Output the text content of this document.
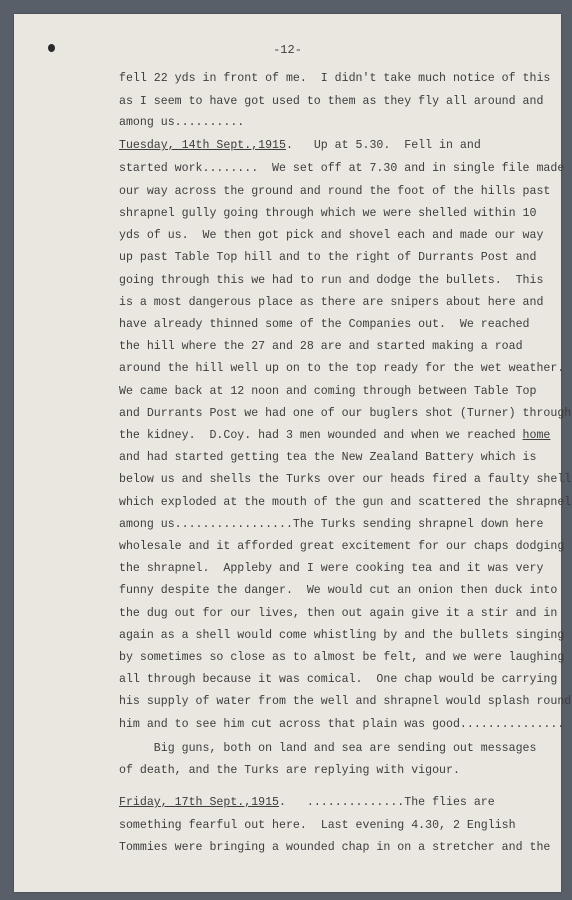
-12-
fell 22 yds in front of me.  I didn't take much notice of this
as I seem to have got used to them as they fly all around and
among us..........
Tuesday, 14th Sept.,1915.   Up at 5.30.  Fell in and
started work........  We set off at 7.30 and in single file made
our way across the ground and round the foot of the hills past
shrapnel gully going through which we were shelled within 10
yds of us.  We then got pick and shovel each and made our way
up past Table Top hill and to the right of Durrants Post and
going through this we had to run and dodge the bullets.  This
is a most dangerous place as there are snipers about here and
have already thinned some of the Companies out.  We reached
the hill where the 27 and 28 are and started making a road
around the hill well up on to the top ready for the wet weather.
We came back at 12 noon and coming through between Table Top
and Durrants Post we had one of our buglers shot (Turner) through
the kidney.  D.Coy. had 3 men wounded and when we reached home
and had started getting tea the New Zealand Battery which is
below us and shells the Turks over our heads fired a faulty shell
which exploded at the mouth of the gun and scattered the shrapnel
among us.................The Turks sending shrapnel down here
wholesale and it afforded great excitement for our chaps dodging
the shrapnel.  Appleby and I were cooking tea and it was very
funny despite the danger.  We would cut an onion then duck into
the dug out for our lives, then out again give it a stir and in
again as a shell would come whistling by and the bullets singing
by sometimes so close as to almost be felt, and we were laughing
all through because it was comical.  One chap would be carrying
his supply of water from the well and shrapnel would splash round
him and to see him cut across that plain was good...............
Big guns, both on land and sea are sending out messages
of death, and the Turks are replying with vigour.
Friday, 17th Sept.,1915.   ..............The flies are
something fearful out here.  Last evening 4.30, 2 English
Tommies were bringing a wounded chap in on a stretcher and the
